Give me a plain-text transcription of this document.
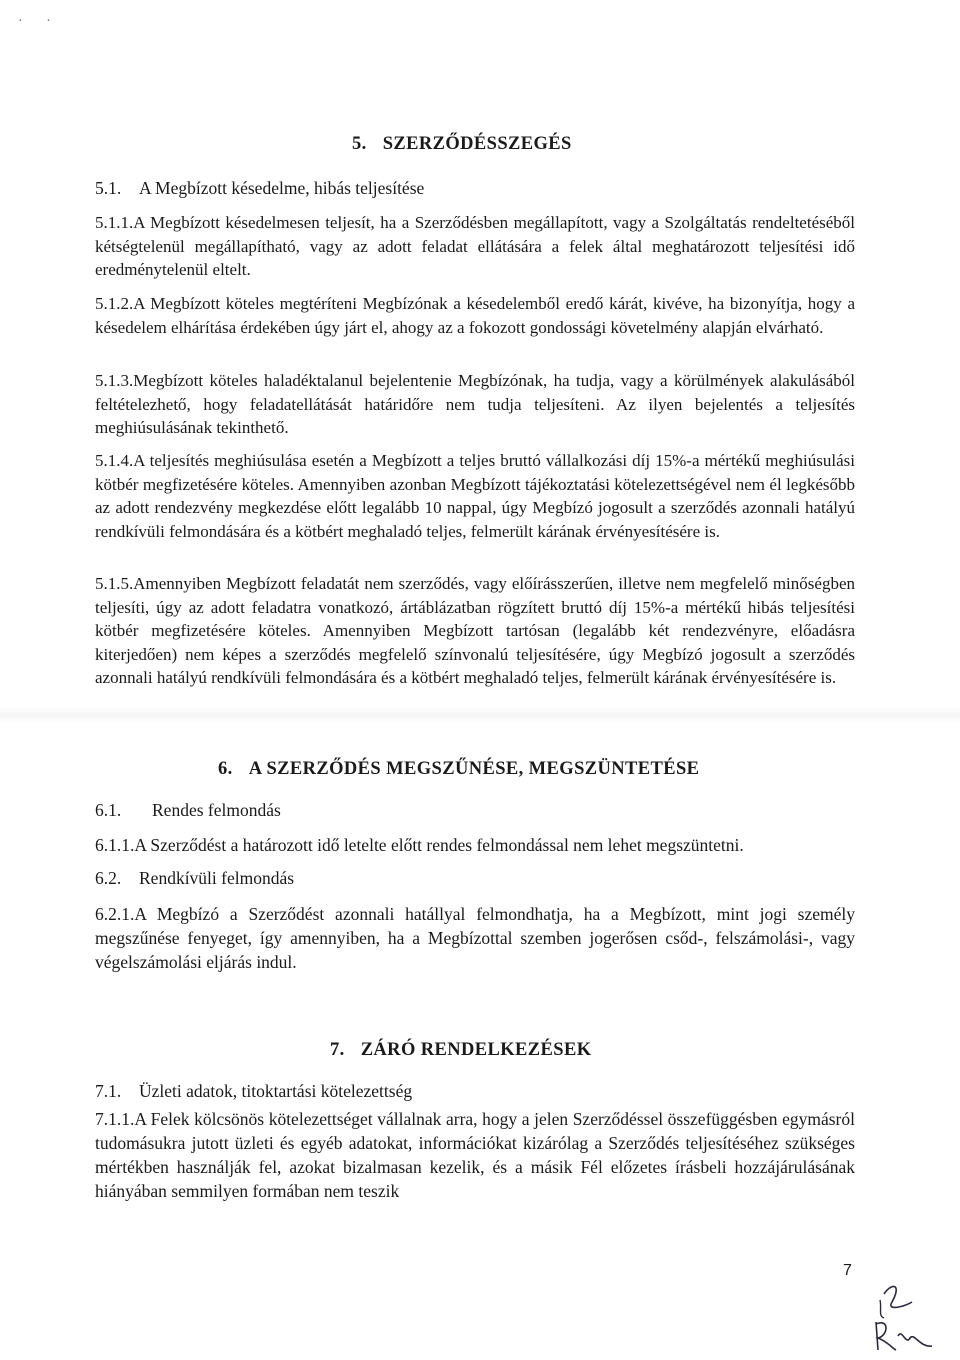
· ·
5. SZERZŐDÉSSZEGÉS
5.1. A Megbízott késedelme, hibás teljesítése
5.1.1.A Megbízott késedelmesen teljesít, ha a Szerződésben megállapított, vagy a Szolgáltatás rendeltetéséből kétségtelenül megállapítható, vagy az adott feladat ellátására a felek által meghatározott teljesítési idő eredménytelenül eltelt.
5.1.2.A Megbízott köteles megtéríteni Megbízónak a késedelemből eredő kárát, kivéve, ha bizonyítja, hogy a késedelem elhárítása érdekében úgy járt el, ahogy az a fokozott gondossági követelmény alapján elvárható.
5.1.3.Megbízott köteles haladéktalanul bejelentenie Megbízónak, ha tudja, vagy a körülmények alakulásából feltételezhető, hogy feladatellátását határidőre nem tudja teljesíteni. Az ilyen bejelentés a teljesítés meghiúsulásának tekinthető.
5.1.4.A teljesítés meghiúsulása esetén a Megbízott a teljes bruttó vállalkozási díj 15%-a mértékű meghiúsulási kötbér megfizetésére köteles. Amennyiben azonban Megbízott tájékoztatási kötelezettségével nem él legkésőbb az adott rendezvény megkezdése előtt legalább 10 nappal, úgy Megbízó jogosult a szerződés azonnali hatályú rendkívüli felmondására és a kötbért meghaladó teljes, felmerült kárának érvényesítésére is.
5.1.5.Amennyiben Megbízott feladatát nem szerződés, vagy előírásszerűen, illetve nem megfelelő minőségben teljesíti, úgy az adott feladatra vonatkozó, ártáblázatban rögzített bruttó díj 15%-a mértékű hibás teljesítési kötbér megfizetésére köteles. Amennyiben Megbízott tartósan (legalább két rendezvényre, előadásra kiterjedően) nem képes a szerződés megfelelő színvonalú teljesítésére, úgy Megbízó jogosult a szerződés azonnali hatályú rendkívüli felmondására és a kötbért meghaladó teljes, felmerült kárának érvényesítésére is.
6. A SZERZŐDÉS MEGSZŰNÉSE, MEGSZÜNTETÉSE
6.1. Rendes felmondás
6.1.1.A Szerződést a határozott idő letelte előtt rendes felmondással nem lehet megszüntetni.
6.2. Rendkívüli felmondás
6.2.1.A Megbízó a Szerződést azonnali hatállyal felmondhatja, ha a Megbízott, mint jogi személy megszűnése fenyeget, így amennyiben, ha a Megbízottal szemben jogerősen csőd-, felszámolási-, vagy végelszámolási eljárás indul.
7. ZÁRÓ RENDELKEZÉSEK
7.1. Üzleti adatok, titoktartási kötelezettség
7.1.1.A Felek kölcsönös kötelezettséget vállalnak arra, hogy a jelen Szerződéssel összefüggésben egymásról tudomásukra jutott üzleti és egyéb adatokat, információkat kizárólag a Szerződés teljesítéséhez szükséges mértékben használják fel, azokat bizalmasan kezelik, és a másik Fél előzetes írásbeli hozzájárulásának hiányában semmilyen formában nem teszik
7
